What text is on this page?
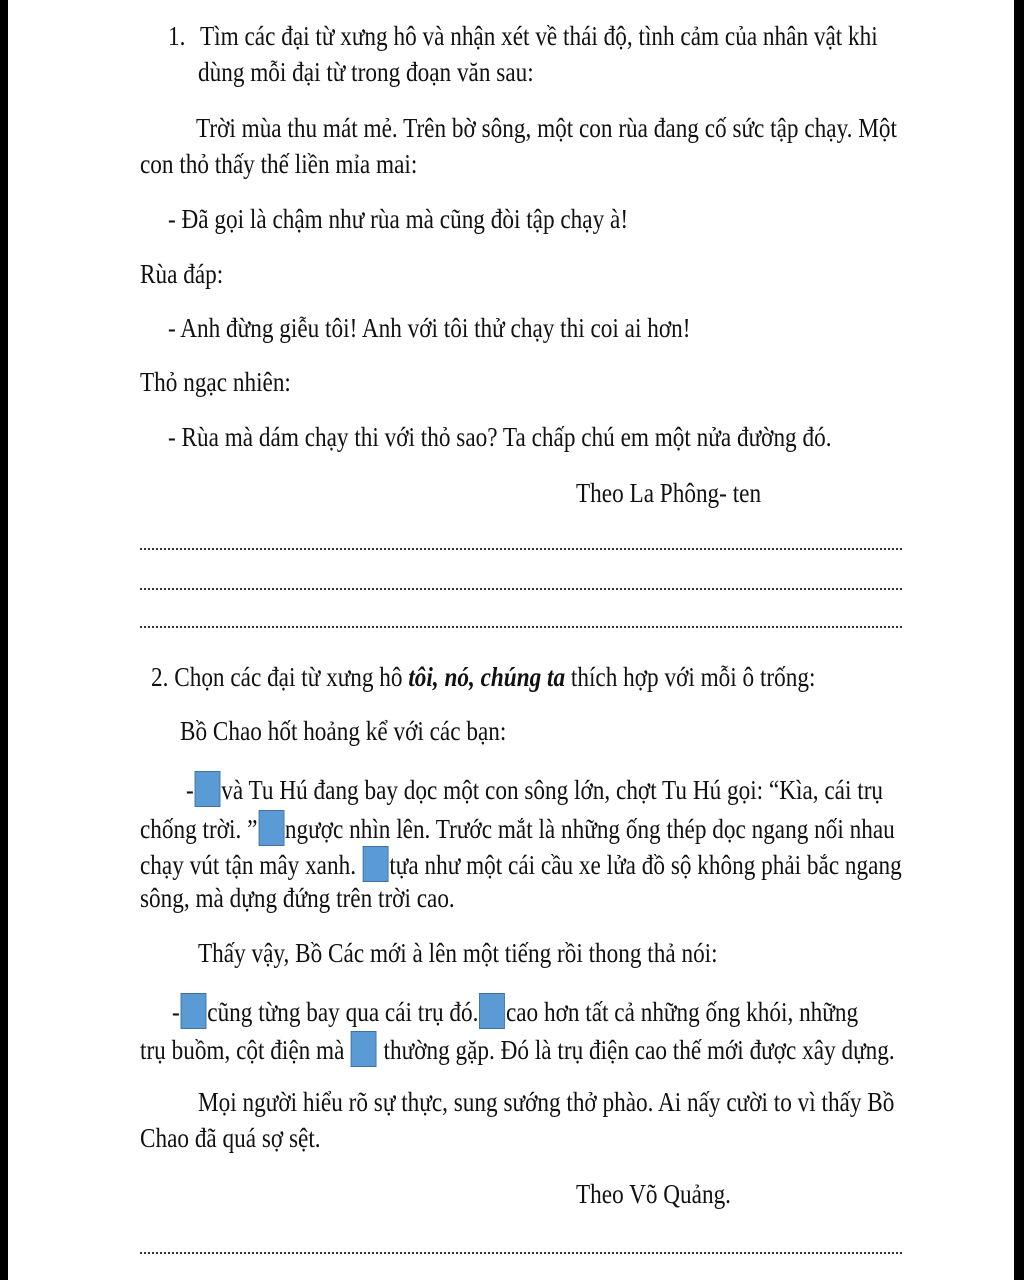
1. Tìm các đại từ xưng hô và nhận xét về thái độ, tình cảm của nhân vật khi
dùng mỗi đại từ trong đoạn văn sau:
Trời mùa thu mát mẻ. Trên bờ sông, một con rùa đang cố sức tập chạy. Một
con thỏ thấy thế liền mỉa mai:
- Đã gọi là chậm như rùa mà cũng đòi tập chạy à!
Rùa đáp:
- Anh đừng giễu tôi! Anh với tôi thử chạy thi coi ai hơn!
Thỏ ngạc nhiên:
- Rùa mà dám chạy thi với thỏ sao? Ta chấp chú em một nửa đường đó.
Theo La Phông- ten
2. Chọn các đại từ xưng hô tôi, nó, chúng ta thích hợp với mỗi ô trống:
Bồ Chao hốt hoảng kể với các bạn:
- và Tu Hú đang bay dọc một con sông lớn, chợt Tu Hú gọi: “Kìa, cái trụ
chống trời. ” ngược nhìn lên. Trước mắt là những ống thép dọc ngang nối nhau
chạy vút tận mây xanh. tựa như một cái cầu xe lửa đồ sộ không phải bắc ngang
sông, mà dựng đứng trên trời cao.
Thấy vậy, Bồ Các mới à lên một tiếng rồi thong thả nói:
- cũng từng bay qua cái trụ đó. cao hơn tất cả những ống khói, những
trụ buồm, cột điện mà thường gặp. Đó là trụ điện cao thế mới được xây dựng.
Mọi người hiểu rõ sự thực, sung sướng thở phào. Ai nấy cười to vì thấy Bồ
Chao đã quá sợ sệt.
Theo Võ Quảng.
